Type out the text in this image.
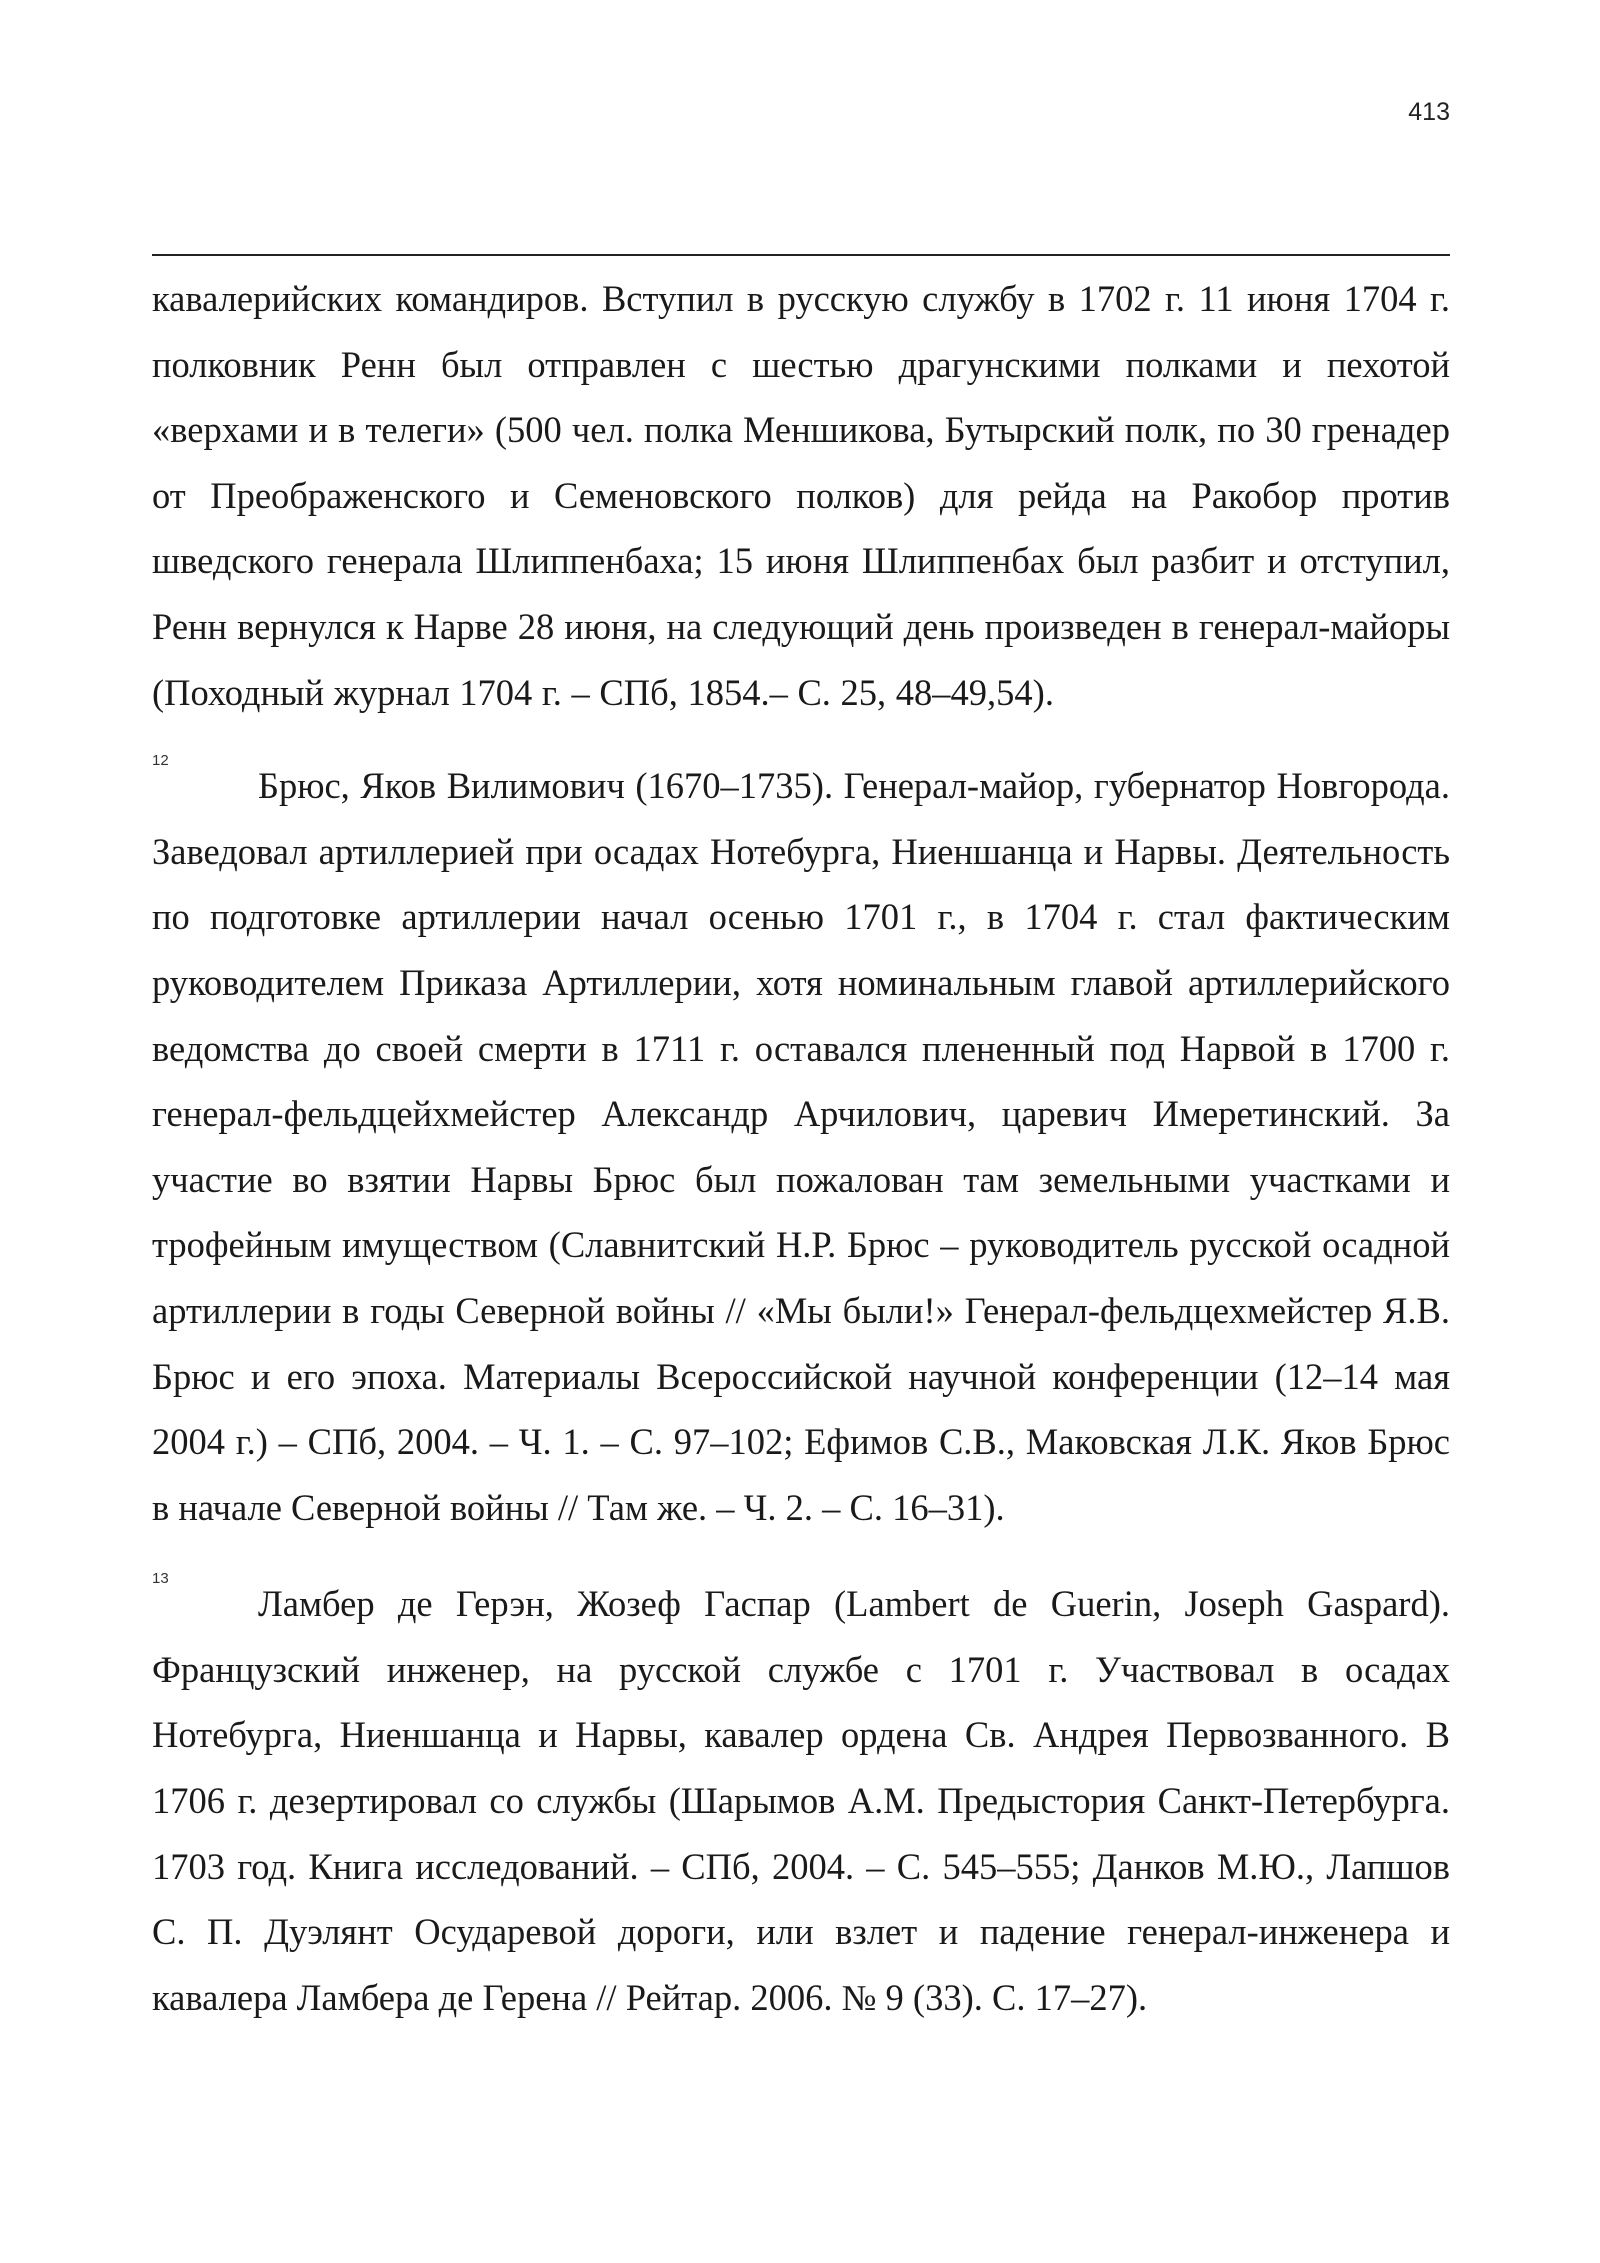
413

кавалерийских командиров. Вступил в русскую службу в 1702 г. 11 июня 1704 г. полковник Ренн был отправлен с шестью драгунскими полками и пехотой «верхами и в телеги» (500 чел. полка Меншикова, Бутырский полк, по 30 гренадер от Преображенского и Семеновского полков) для рейда на Ракобор против шведского генерала Шлиппенбаха; 15 июня Шлиппенбах был разбит и отступил, Ренн вернулся к Нарве 28 июня, на следующий день произведен в генерал‑майоры (Походный журнал 1704 г. – СПб, 1854.– С. 25, 48–49,54).

12
Брюс, Яков Вилимович (1670–1735). Генерал‑майор, губернатор Новгорода. Заведовал артиллерией при осадах Нотебурга, Ниеншанца и Нарвы. Деятельность по подготовке артиллерии начал осенью 1701 г., в 1704 г. стал фактическим руководителем Приказа Артиллерии, хотя номинальным главой артиллерийского ведомства до своей смерти в 1711 г. оставался плененный под Нарвой в 1700 г. генерал‑фельдцейхмейстер Александр Арчилович, царевич Имеретинский. За участие во взятии Нарвы Брюс был пожалован там земельными участками и трофейным имуществом (Славнитский Н.Р. Брюс – руководитель русской осадной артиллерии в годы Северной войны // «Мы были!» Генерал‑фельдцехмейстер Я.В. Брюс и его эпоха. Материалы Всероссийской научной конференции (12–14 мая 2004 г.) – СПб, 2004. – Ч. 1. – С. 97–102; Ефимов С.В., Маковская Л.К. Яков Брюс в начале Северной войны // Там же. – Ч. 2. – С. 16–31).
13
Ламбер де Герэн, Жозеф Гаспар (Lambert de Guerin, Joseph Gaspard). Французский инженер, на русской службе с 1701 г. Участвовал в осадах Нотебурга, Ниеншанца и Нарвы, кавалер ордена Св. Андрея Первозванного. В 1706 г. дезертировал со службы (Шарымов А.М. Предыстория Санкт‑Петербурга. 1703 год. Книга исследований. – СПб, 2004. – С. 545–555; Данков М.Ю., Лапшов С. П. Дуэлянт Осударевой дороги, или взлет и падение генерал‑инженера и кавалера Ламбера де Герена // Рейтар. 2006. № 9 (33). С. 17–27).
